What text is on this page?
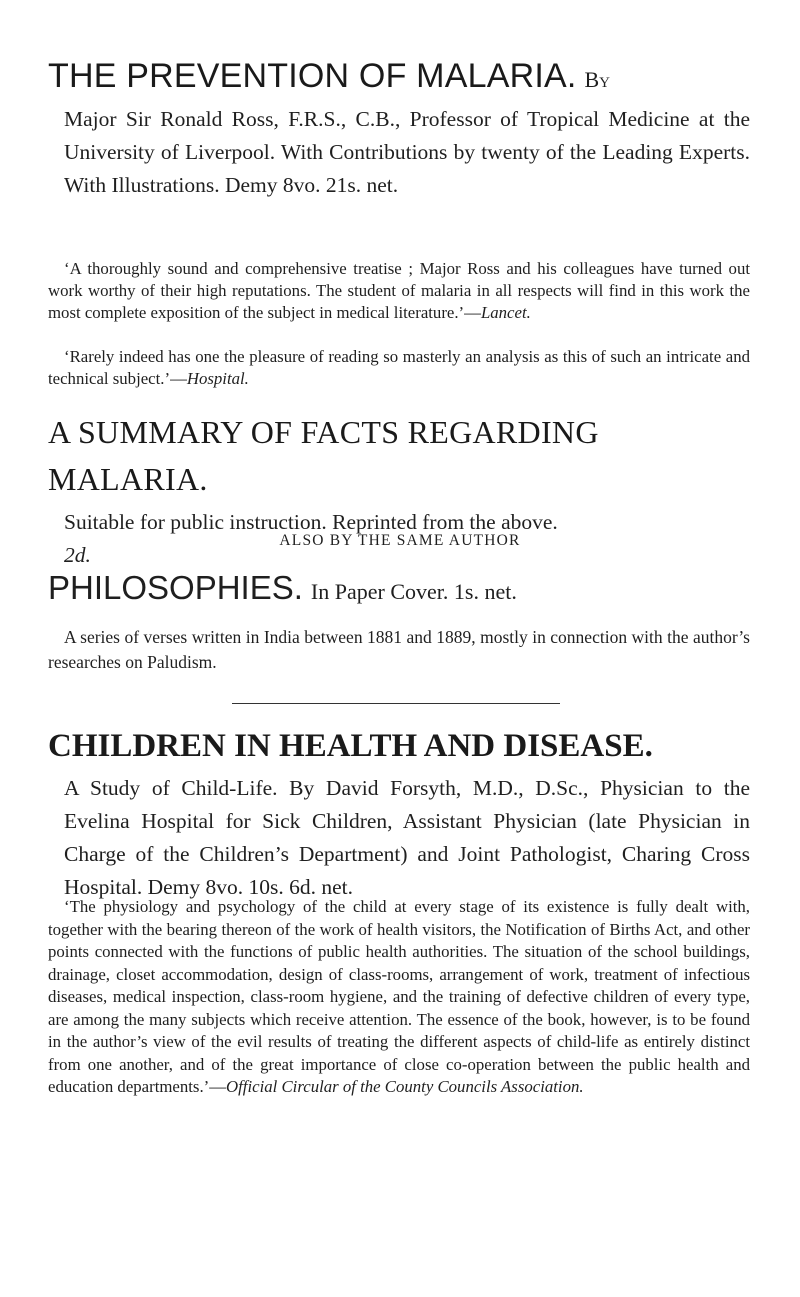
THE PREVENTION OF MALARIA. By
Major Sir Ronald Ross, F.R.S., C.B., Professor of Tropical Medicine at the University of Liverpool. With Contributions by twenty of the Leading Experts. With Illustrations. Demy 8vo. 21s. net.

‘A thoroughly sound and comprehensive treatise ; Major Ross and his colleagues have turned out work worthy of their high reputations. The student of malaria in all respects will find in this work the most complete exposition of the subject in medical literature.’—Lancet.

‘Rarely indeed has one the pleasure of reading so masterly an analysis as this of such an intricate and technical subject.’—Hospital.

A SUMMARY OF FACTS REGARDING MALARIA.
Suitable for public instruction. Reprinted from the above.
2d.
ALSO BY THE SAME AUTHOR
PHILOSOPHIES. In Paper Cover. 1s. net.
A series of verses written in India between 1881 and 1889, mostly in connection with the author’s researches on Paludism.
CHILDREN IN HEALTH AND DISEASE.
A Study of Child-Life. By David Forsyth, M.D., D.Sc., Physician to the Evelina Hospital for Sick Children, Assistant Physician (late Physician in Charge of the Children’s Department) and Joint Pathologist, Charing Cross Hospital. Demy 8vo. 10s. 6d. net.

‘The physiology and psychology of the child at every stage of its existence is fully dealt with, together with the bearing thereon of the work of health visitors, the Notification of Births Act, and other points connected with the functions of public health authorities. The situation of the school buildings, drainage, closet accommodation, design of class-rooms, arrangement of work, treatment of infectious diseases, medical inspection, class-room hygiene, and the training of defective children of every type, are among the many subjects which receive attention. The essence of the book, however, is to be found in the author’s view of the evil results of treating the different aspects of child-life as entirely distinct from one another, and of the great importance of close co-operation between the public health and education departments.’—Official Circular of the County Councils Association.
